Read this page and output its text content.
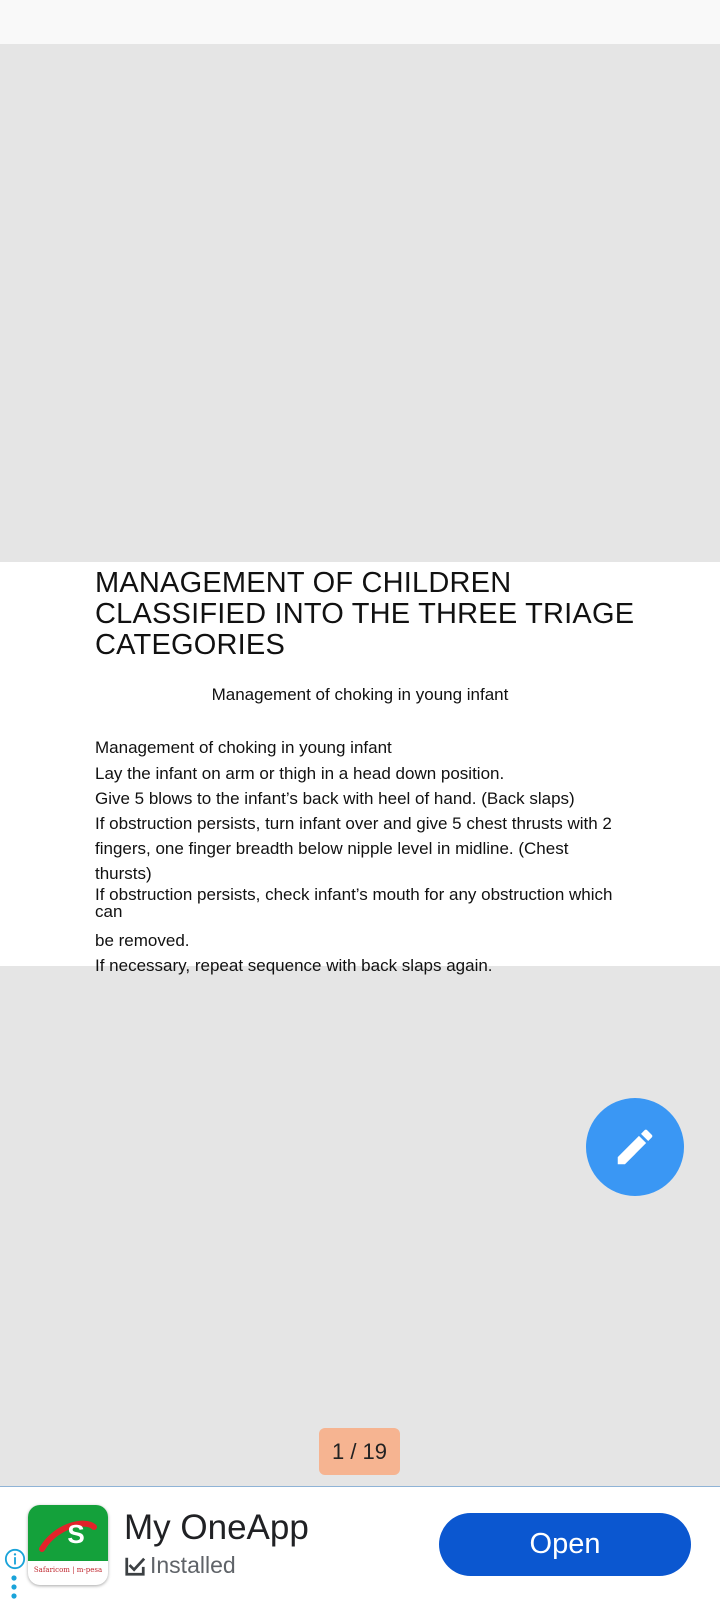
MANAGEMENT OF CHILDREN CLASSIFIED INTO THE THREE TRIAGE CATEGORIES
Management of choking in young infant
Management of choking in young infant
Lay the infant on arm or thigh in a head down position.
Give 5 blows to the infant’s back with heel of hand. (Back slaps)
If obstruction persists, turn infant over and give 5 chest thrusts with 2
fingers, one finger breadth below nipple level in midline. (Chest thursts)
If obstruction persists, check infant’s mouth for any obstruction which
can
be removed.
If necessary, repeat sequence with back slaps again.
1 / 19
S
Safaricom | m-pesa
My OneApp
Installed
Open
